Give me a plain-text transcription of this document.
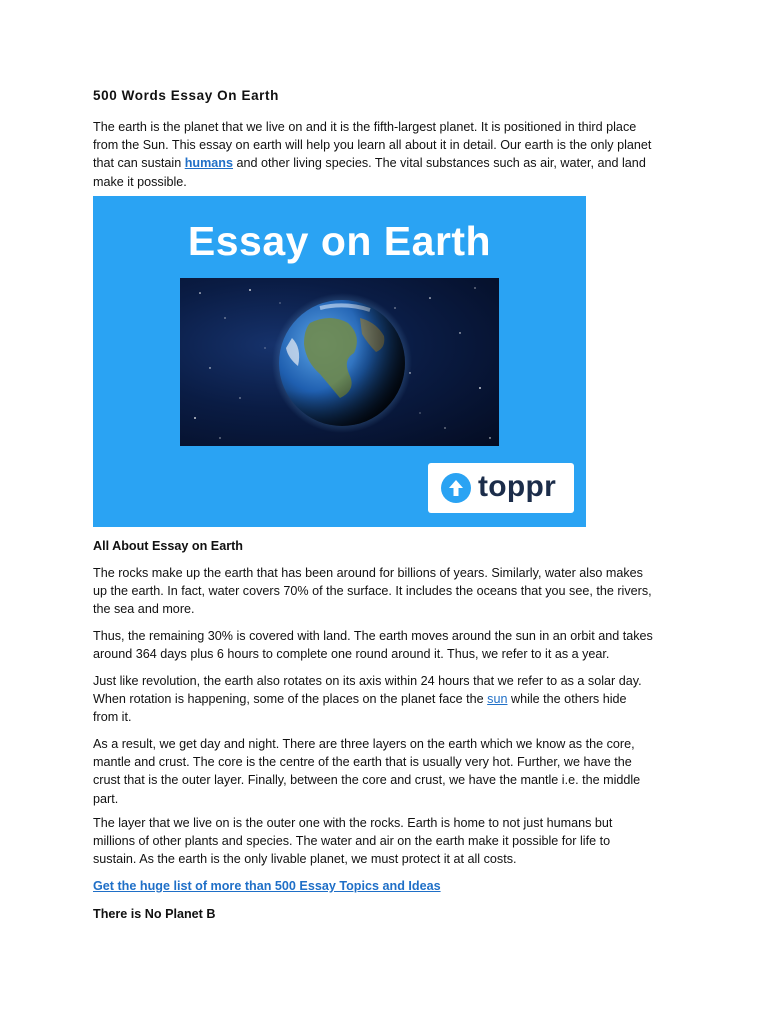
500 Words Essay On Earth

The earth is the planet that we live on and it is the fifth-largest planet. It is positioned in third place
from the Sun. This essay on earth will help you learn all about it in detail. Our earth is the only planet
that can sustain humans and other living species. The vital substances such as air, water, and land
make it possible.

Essay on Earth
toppr

All About Essay on Earth

The rocks make up the earth that has been around for billions of years. Similarly, water also makes
up the earth. In fact, water covers 70% of the surface. It includes the oceans that you see, the rivers,
the sea and more.

Thus, the remaining 30% is covered with land. The earth moves around the sun in an orbit and takes
around 364 days plus 6 hours to complete one round around it. Thus, we refer to it as a year.

Just like revolution, the earth also rotates on its axis within 24 hours that we refer to as a solar day.
When rotation is happening, some of the places on the planet face the sun while the others hide
from it.

As a result, we get day and night. There are three layers on the earth which we know as the core,
mantle and crust. The core is the centre of the earth that is usually very hot. Further, we have the
crust that is the outer layer. Finally, between the core and crust, we have the mantle i.e. the middle
part.

The layer that we live on is the outer one with the rocks. Earth is home to not just humans but
millions of other plants and species. The water and air on the earth make it possible for life to
sustain. As the earth is the only livable planet, we must protect it at all costs.

Get the huge list of more than 500 Essay Topics and Ideas

There is No Planet B
